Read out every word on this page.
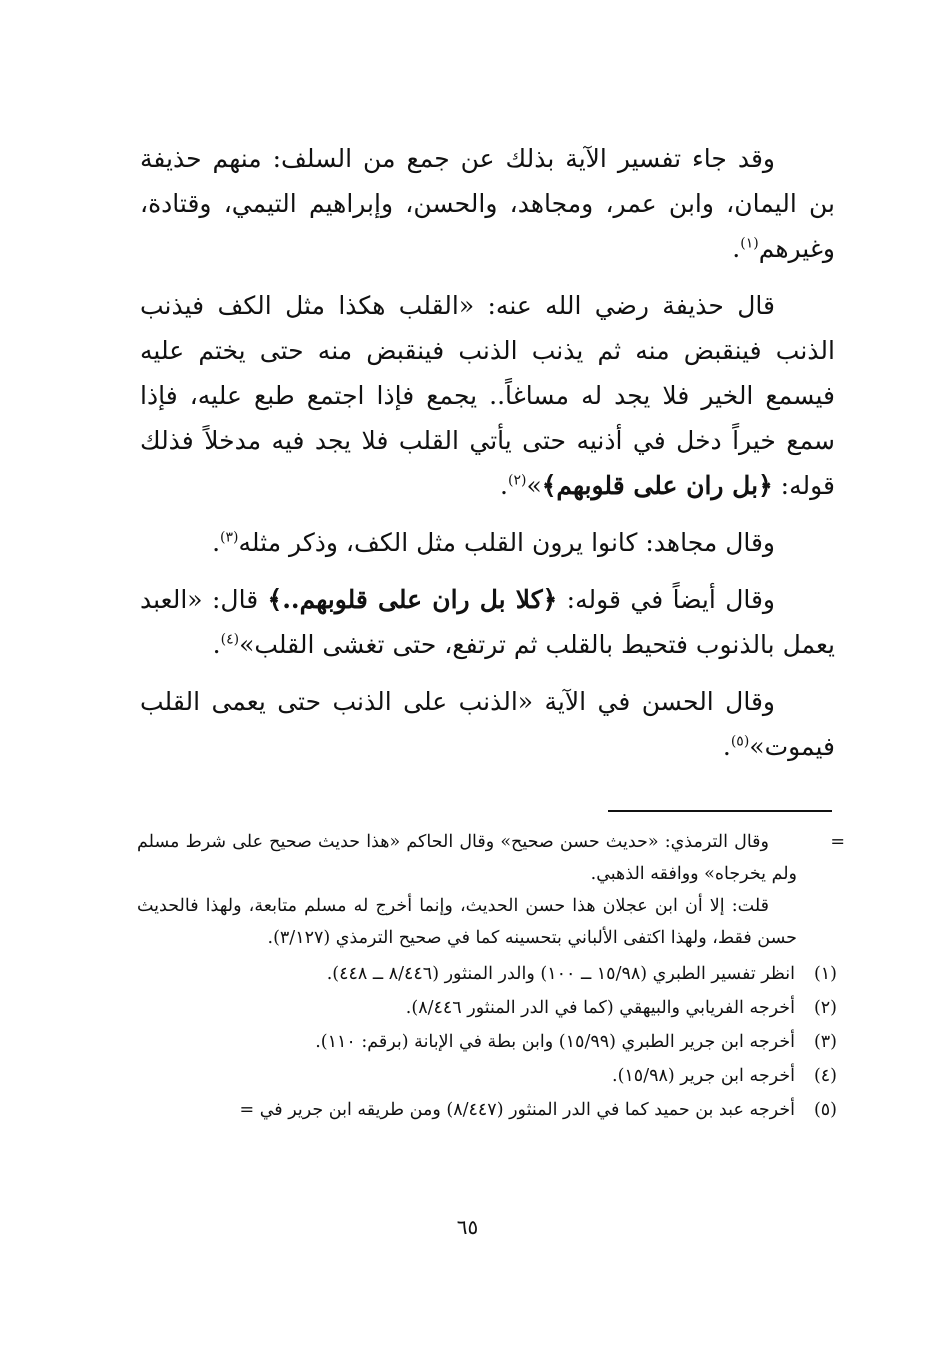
وقد جاء تفسير الآية بذلك عن جمع من السلف: منهم حذيفة بن اليمان، وابن عمر، ومجاهد، والحسن، وإبراهيم التيمي، وقتادة، وغيرهم$^{(١)}$.

قال حذيفة رضي الله عنه: «القلب هكذا مثل الكف فيذنب الذنب فينقبض منه ثم يذنب الذنب فينقبض منه حتى يختم عليه فيسمع الخير فلا يجد له مساغاً.. يجمع فإذا اجتمع طبع عليه، فإذا سمع خيراً دخل في أذنيه حتى يأتي القلب فلا يجد فيه مدخلاً فذلك قوله: ﴿بل ران على قلوبهم﴾»$^{(٢)}$.

وقال مجاهد: كانوا يرون القلب مثل الكف، وذكر مثله$^{(٣)}$.

وقال أيضاً في قوله: ﴿كلا بل ران على قلوبهم..﴾ قال: «العبد يعمل بالذنوب فتحيط بالقلب ثم ترتفع، حتى تغشى القلب»$^{(٤)}$.

وقال الحسن في الآية «الذنب على الذنب حتى يعمى القلب فيموت»$^{(٥)}$.

=

وقال الترمذي: «حديث حسن صحيح» وقال الحاكم «هذا حديث صحيح على شرط مسلم ولم يخرجاه» ووافقه الذهبي.

قلت: إلا أن ابن عجلان هذا حسن الحديث، وإنما أخرج له مسلم متابعة، ولهذا فالحديث حسن فقط، ولهذا اكتفى الألباني بتحسينه كما في صحيح الترمذي (٣/١٢٧).

(١)
انظر تفسير الطبري (١٥/٩٨ ــ ١٠٠) والدر المنثور (٨/٤٤٦ ــ ٤٤٨).
(٢)
أخرجه الفريابي والبيهقي (كما في الدر المنثور ٨/٤٤٦).
(٣)
أخرجه ابن جرير الطبري (١٥/٩٩) وابن بطة في الإبانة (برقم: ١١٠).
(٤)
أخرجه ابن جرير (١٥/٩٨).
(٥)
أخرجه عبد بن حميد كما في الدر المنثور (٨/٤٤٧) ومن طريقه ابن جرير في =
٦٥
